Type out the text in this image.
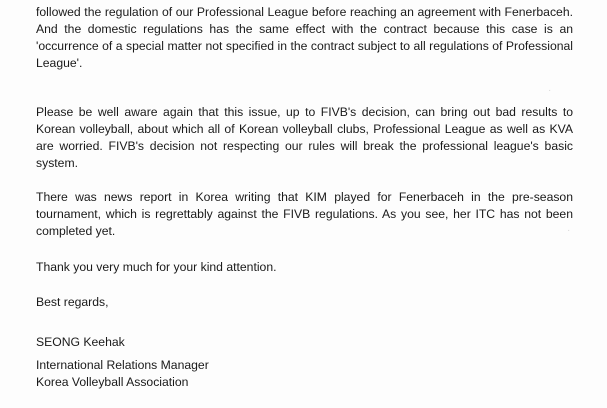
followed the regulation of our Professional League before reaching an agreement with Fenerbaceh. And the domestic regulations has the same effect with the contract because this case is an 'occurrence of a special matter not specified in the contract subject to all regulations of Professional League'.

Please be well aware again that this issue, up to FIVB's decision, can bring out bad results to Korean volleyball, about which all of Korean volleyball clubs, Professional League as well as KVA are worried. FIVB's decision not respecting our rules will break the professional league's basic system.

There was news report in Korea writing that KIM played for Fenerbaceh in the pre-season tournament, which is regrettably against the FIVB regulations. As you see, her ITC has not been completed yet.

Thank you very much for your kind attention.

Best regards,

SEONG Keehak

International Relations Manager

Korea Volleyball Association

·
·
